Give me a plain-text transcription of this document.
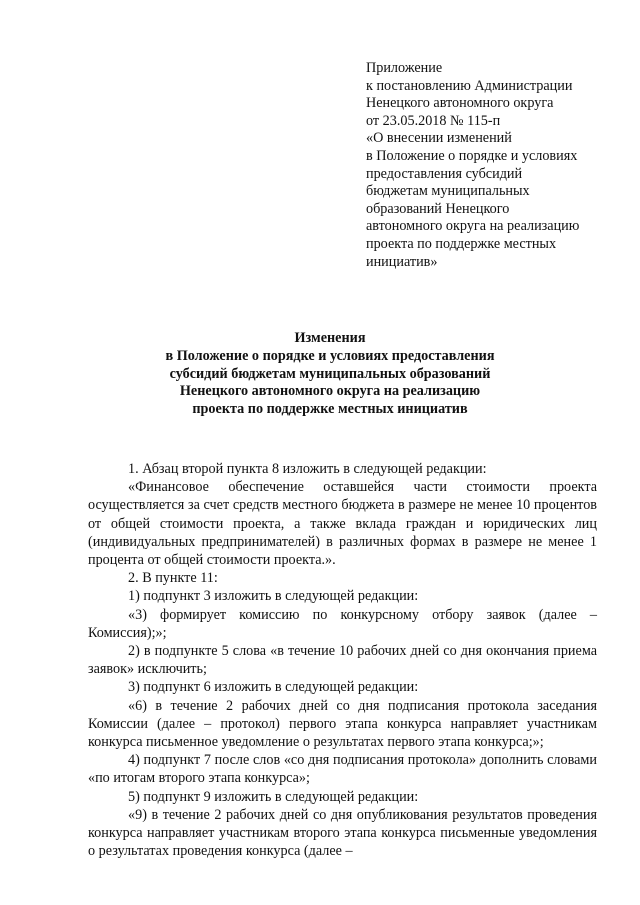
Приложение
к постановлению Администрации
Ненецкого автономного округа
от 23.05.2018 № 115-п
«О внесении изменений
в Положение о порядке и условиях
предоставления субсидий
бюджетам муниципальных
образований Ненецкого
автономного округа на реализацию
проекта по поддержке местных
инициатив»
Изменения
в Положение о порядке и условиях предоставления
субсидий бюджетам муниципальных образований
Ненецкого автономного округа на реализацию
проекта по поддержке местных инициатив

1. Абзац второй пункта 8 изложить в следующей редакции:

«Финансовое обеспечение оставшейся части стоимости проекта осуществляется за счет средств местного бюджета в размере не менее 10 процентов от общей стоимости проекта, а также вклада граждан и юридических лиц (индивидуальных предпринимателей) в различных формах в размере не менее 1 процента от общей стоимости проекта.».

2. В пункте 11:

1) подпункт 3 изложить в следующей редакции:

«3) формирует комиссию по конкурсному отбору заявок (далее – Комиссия);»;

2) в подпункте 5 слова «в течение 10 рабочих дней со дня окончания приема заявок» исключить;

3) подпункт 6 изложить в следующей редакции:

«6) в течение 2 рабочих дней со дня подписания протокола заседания Комиссии (далее – протокол) первого этапа конкурса направляет участникам конкурса письменное уведомление о результатах первого этапа конкурса;»;

4) подпункт 7 после слов «со дня подписания протокола» дополнить словами «по итогам второго этапа конкурса»;

5) подпункт 9 изложить в следующей редакции:

«9) в течение 2 рабочих дней со дня опубликования результатов проведения конкурса направляет участникам второго этапа конкурса письменные уведомления о результатах проведения конкурса (далее –
